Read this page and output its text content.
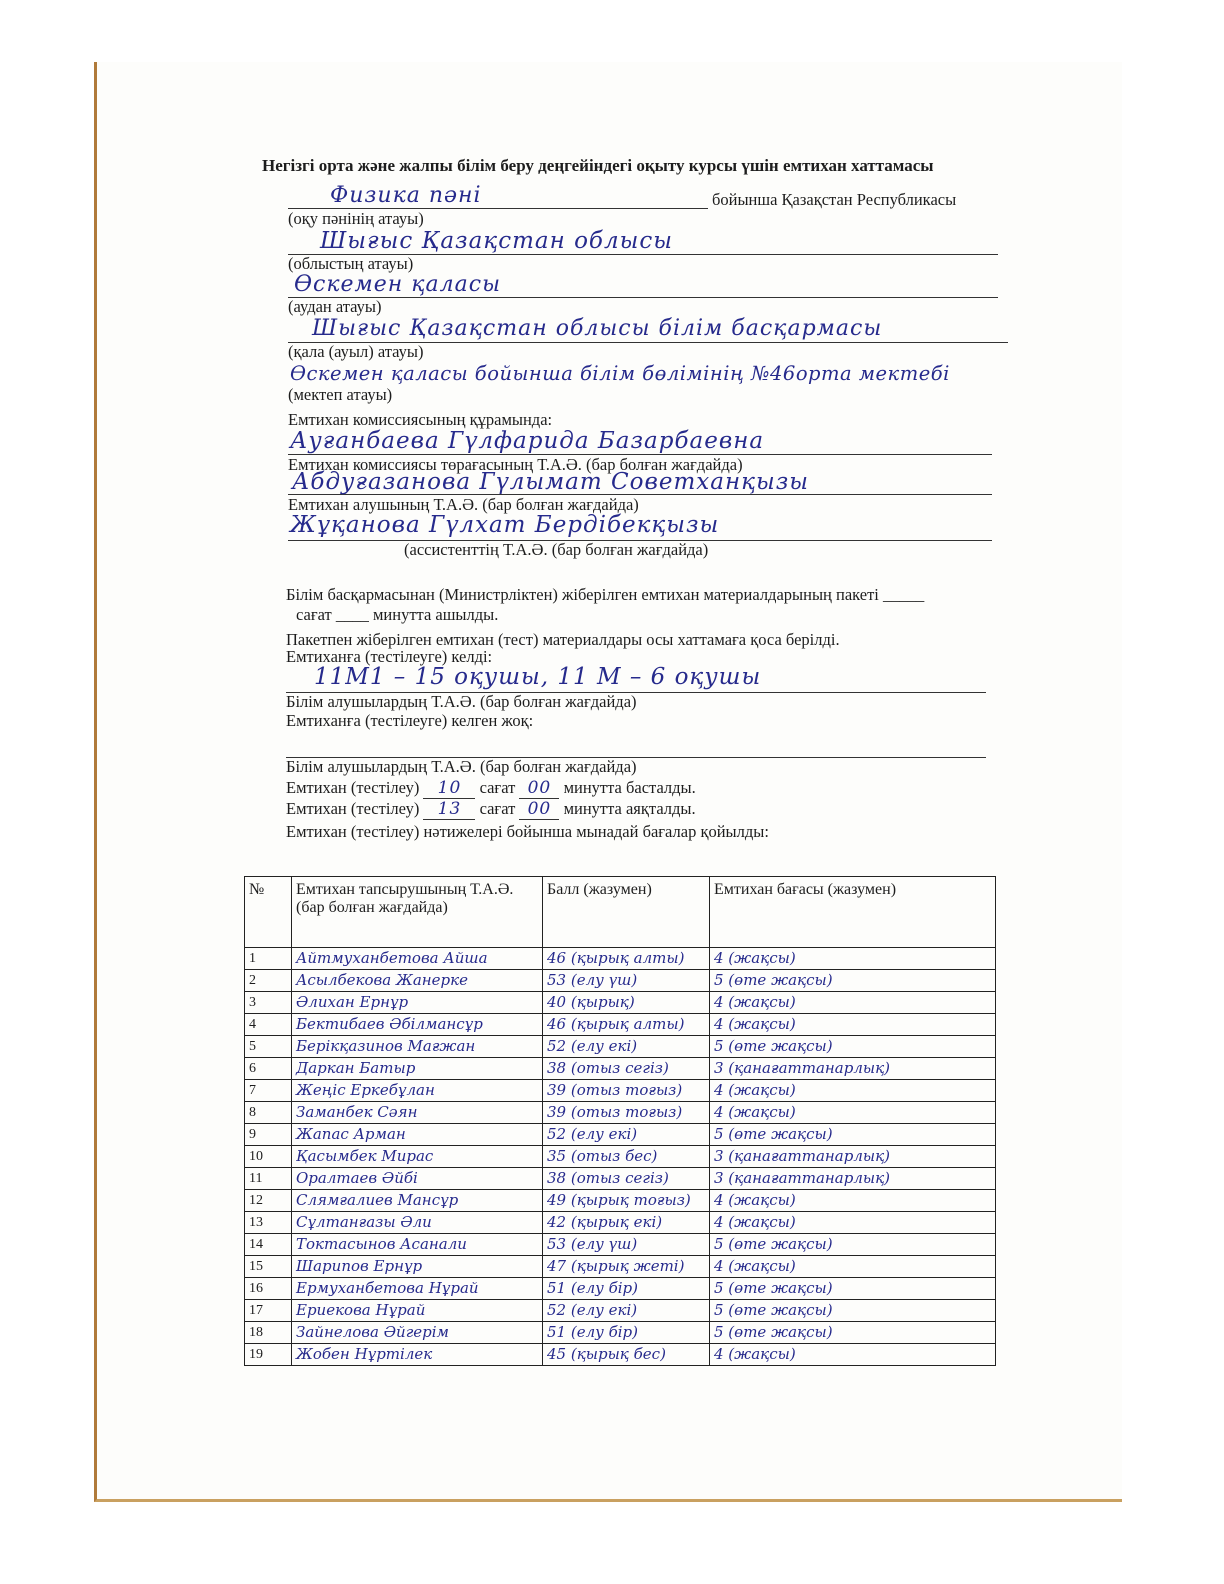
Негізгі орта және жалпы білім беру деңгейіндегі оқыту курсы үшін емтихан хаттамасы
Физика пәні	бойынша Қазақстан Республикасы
(оқу пәнінің атауы)
Шығыс Қазақстан облысы
(облыстың атауы)
Өскемен қаласы
(аудан атауы)
Шығыс Қазақстан облысы білім басқармасы
(қала (ауыл) атауы)
Өскемен қаласы бойынша білім бөлімінің №46орта мектебі
(мектеп атауы)
Емтихан комиссиясының құрамында:
Ауғанбаева Гүлфарида Базарбаевна
Емтихан комиссиясы төрағасының Т.А.Ә. (бар болған жағдайда)
Абдуғазанова Гүлымат Советханқызы
Емтихан алушының Т.А.Ә. (бар болған жағдайда)
Жұқанова Гүлхат Бердібекқызы
(ассистенттің Т.А.Ә. (бар болған жағдайда)
Білім басқармасынан (Министрліктен) жіберілген емтихан материалдарының пакеті _____
сағат ____ минутта ашылды.
Пакетпен жіберілген емтихан (тест) материалдары осы хаттамаға қоса берілді.
Емтиханға (тестілеуге) келді:
11М1 – 15 оқушы, 11 М – 6 оқушы
Білім алушылардың Т.А.Ә. (бар болған жағдайда)
Емтиханға (тестілеуге) келген жоқ:
Білім алушылардың Т.А.Ә. (бар болған жағдайда)
Емтихан (тестілеу) 10 сағат 00 минутта басталды.
Емтихан (тестілеу) 13 сағат 00 минутта аяқталды.
Емтихан (тестілеу) нәтижелері бойынша мынадай бағалар қойылды:
№	Емтихан тапсырушының Т.А.Ә. (бар болған жағдайда)	Балл (жазумен)	Емтихан бағасы (жазумен)
1	Айтмуханбетова Айша	46 (қырық алты)	4 (жақсы)
2	Асылбекова Жанерке	53 (елу үш)	5 (өте жақсы)
3	Әлихан Ернұр	40 (қырық)	4 (жақсы)
4	Бектибаев Әбілмансұр	46 (қырық алты)	4 (жақсы)
5	Берікқазинов Мағжан	52 (елу екі)	5 (өте жақсы)
6	Даркан Батыр	38 (отыз сегіз)	3 (қанағаттанарлық)
7	Жеңіс Еркебұлан	39 (отыз тоғыз)	4 (жақсы)
8	Заманбек Сәян	39 (отыз тоғыз)	4 (жақсы)
9	Жапас Арман	52 (елу екі)	5 (өте жақсы)
10	Қасымбек Мирас	35 (отыз бес)	3 (қанағаттанарлық)
11	Оралтаев Әйбі	38 (отыз сегіз)	3 (қанағаттанарлық)
12	Слямғалиев Мансұр	49 (қырық тоғыз)	4 (жақсы)
13	Сұлтанғазы Әли	42 (қырық екі)	4 (жақсы)
14	Токтасынов Асанали	53 (елу үш)	5 (өте жақсы)
15	Шарипов Ернұр	47 (қырық жеті)	4 (жақсы)
16	Ермуханбетова Нұрай	51 (елу бір)	5 (өте жақсы)
17	Ериекова Нұрай	52 (елу екі)	5 (өте жақсы)
18	Зайнелова Әйгерім	51 (елу бір)	5 (өте жақсы)
19	Жобен Нұртілек	45 (қырық бес)	4 (жақсы)
